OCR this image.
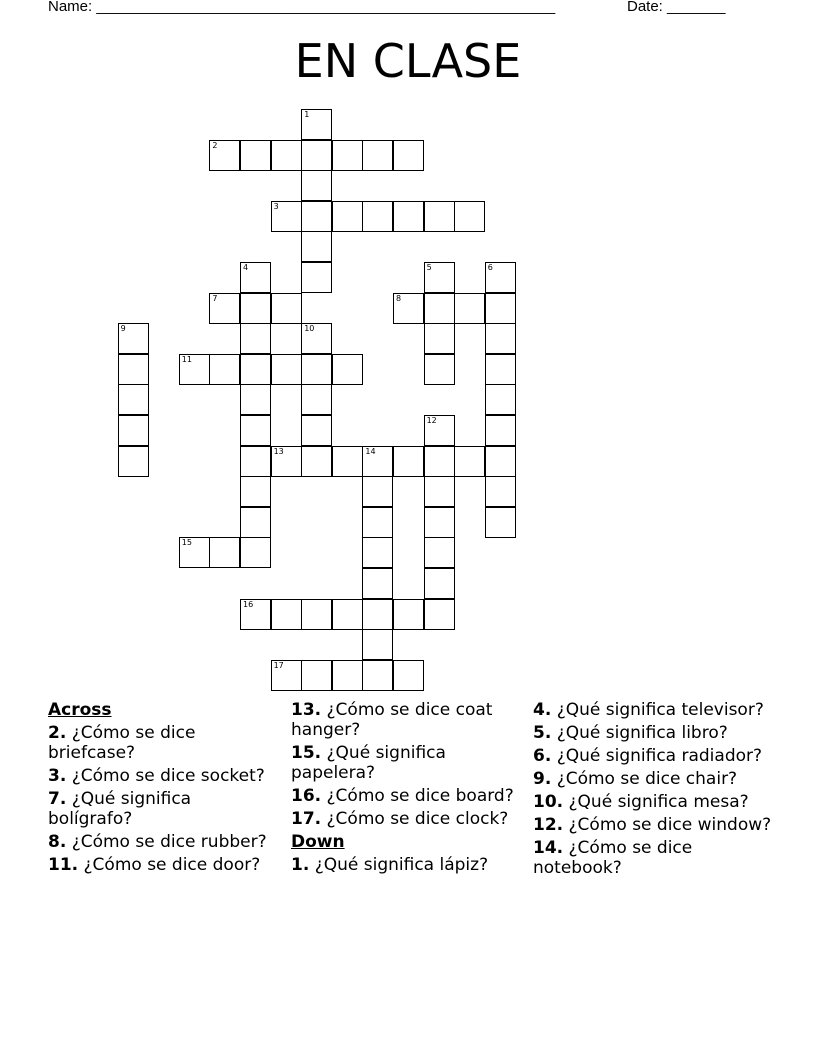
Name: _______________________________________________________	Date: _______
EN CLASE
1
2
3
4	5	6
7	8
9	10
11
12
13	14
15
16
17
Across
2. ¿Cómo se dice briefcase?
3. ¿Cómo se dice socket?
7. ¿Qué significa bolígrafo?
8. ¿Cómo se dice rubber?
11. ¿Cómo se dice door?
13. ¿Cómo se dice coat hanger?
15. ¿Qué significa papelera?
16. ¿Cómo se dice board?
17. ¿Cómo se dice clock?
Down
1. ¿Qué significa lápiz?
4. ¿Qué significa televisor?
5. ¿Qué significa libro?
6. ¿Qué significa radiador?
9. ¿Cómo se dice chair?
10. ¿Qué significa mesa?
12. ¿Cómo se dice window?
14. ¿Cómo se dice notebook?
